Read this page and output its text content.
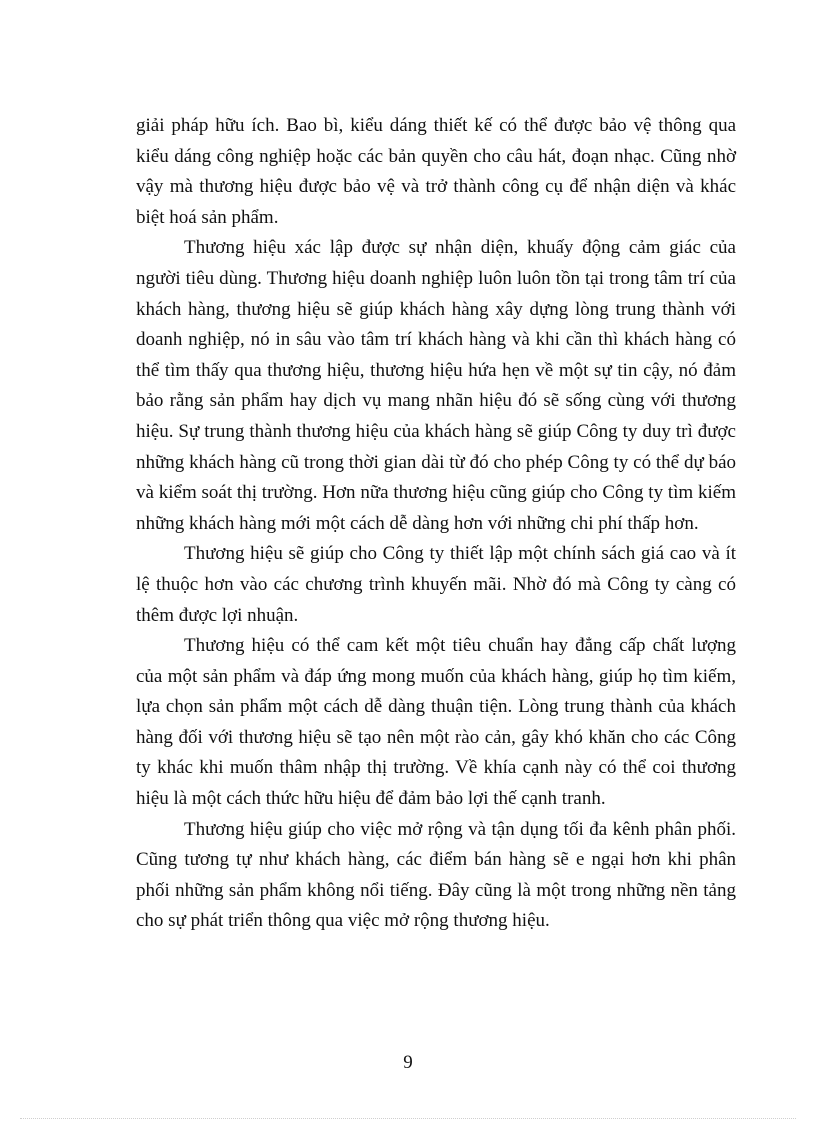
giải pháp hữu ích. Bao bì, kiểu dáng thiết kế có thể được bảo vệ thông qua kiểu dáng công nghiệp hoặc các bản quyền cho câu hát, đoạn nhạc. Cũng nhờ vậy mà thương hiệu được bảo vệ và trở thành công cụ để nhận diện và khác biệt hoá sản phẩm.

Thương hiệu xác lập được sự nhận diện, khuấy động cảm giác của người tiêu dùng. Thương hiệu doanh nghiệp luôn luôn tồn tại trong tâm trí của khách hàng, thương hiệu sẽ giúp khách hàng xây dựng lòng trung thành với doanh nghiệp, nó in sâu vào tâm trí khách hàng và khi cần thì khách hàng có thể tìm thấy qua thương hiệu, thương hiệu hứa hẹn về một sự tin cậy, nó đảm bảo rằng sản phẩm hay dịch vụ mang nhãn hiệu đó sẽ sống cùng với thương hiệu. Sự trung thành thương hiệu của khách hàng sẽ giúp Công ty duy trì được những khách hàng cũ trong thời gian dài từ đó cho phép Công ty có thể dự báo và kiểm soát thị trường. Hơn nữa thương hiệu cũng giúp cho Công ty tìm kiếm những khách hàng mới một cách dễ dàng hơn với những chi phí thấp hơn.

Thương hiệu sẽ giúp cho Công ty thiết lập một chính sách giá cao và ít lệ thuộc hơn vào các chương trình khuyến mãi. Nhờ đó mà Công ty càng có thêm được lợi nhuận.

Thương hiệu có thể cam kết một tiêu chuẩn hay đẳng cấp chất lượng của một sản phẩm và đáp ứng mong muốn của khách hàng, giúp họ tìm kiếm, lựa chọn sản phẩm một cách dễ dàng thuận tiện. Lòng trung thành của khách hàng đối với thương hiệu sẽ tạo nên một rào cản, gây khó khăn cho các Công ty khác khi muốn thâm nhập thị trường. Về khía cạnh này có thể coi thương hiệu là một cách thức hữu hiệu để đảm bảo lợi thế cạnh tranh.

Thương hiệu giúp cho việc mở rộng và tận dụng tối đa kênh phân phối. Cũng tương tự như khách hàng, các điểm bán hàng sẽ e ngại hơn khi phân phối những sản phẩm không nổi tiếng. Đây cũng là một trong những nền tảng cho sự phát triển thông qua việc mở rộng thương hiệu.

9
